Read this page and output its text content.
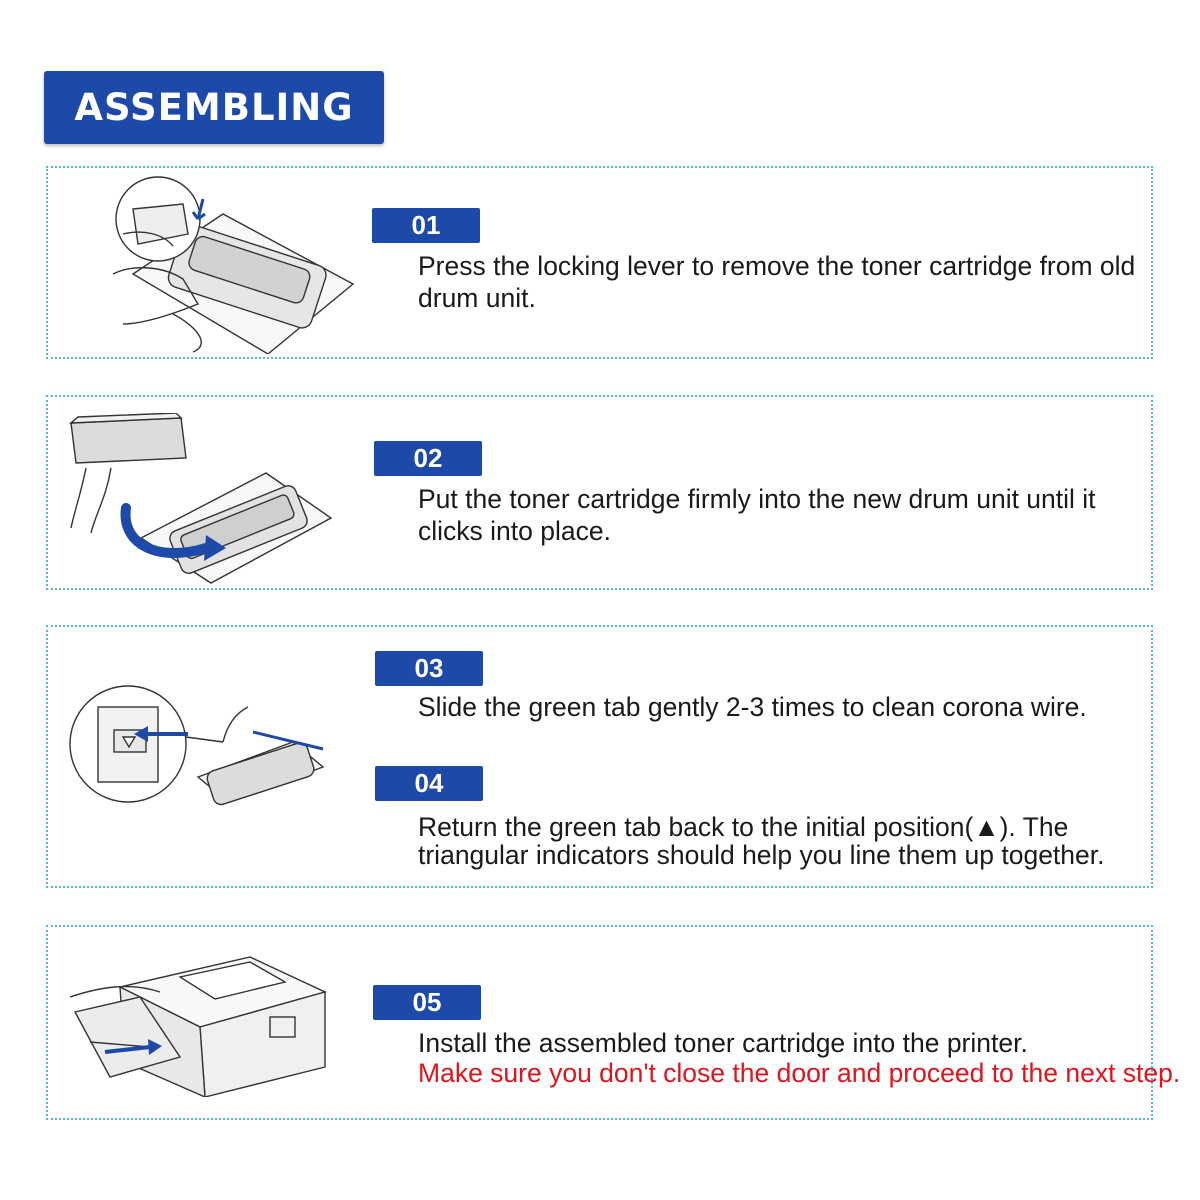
ASSEMBLING
01
Press the locking lever to remove the toner cartridge from old drum unit.
02
Put the toner cartridge firmly into the new drum unit until it clicks into place.
03
Slide the green tab gently 2-3 times to clean corona wire.
04
Return the green tab back to the initial position(▲). The triangular indicators should help you line them up together.
05
Install the assembled toner cartridge into the printer.
Make sure you don't close the door and proceed to the next step.
